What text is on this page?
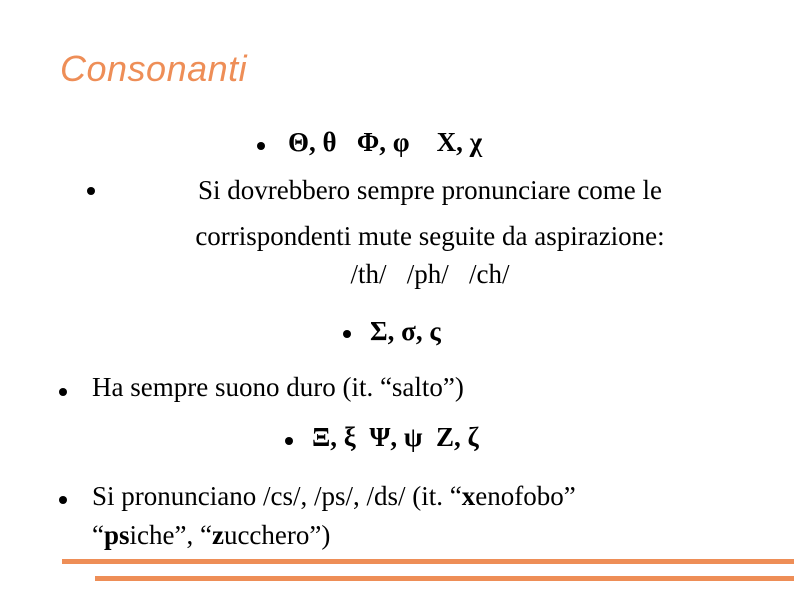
Consonanti
Θ, θ   Φ, φ    Χ, χ
Si dovrebbero sempre pronunciare come le
corrispondenti mute seguite da aspirazione:
/th/   /ph/   /ch/
Σ, σ, ς
Ha sempre suono duro (it. “salto”)
Ξ, ξ  Ψ, ψ  Ζ, ζ
Si pronunciano /cs/, /ps/, /ds/ (it. “xenofobo”
“psiche”, “zucchero”)
